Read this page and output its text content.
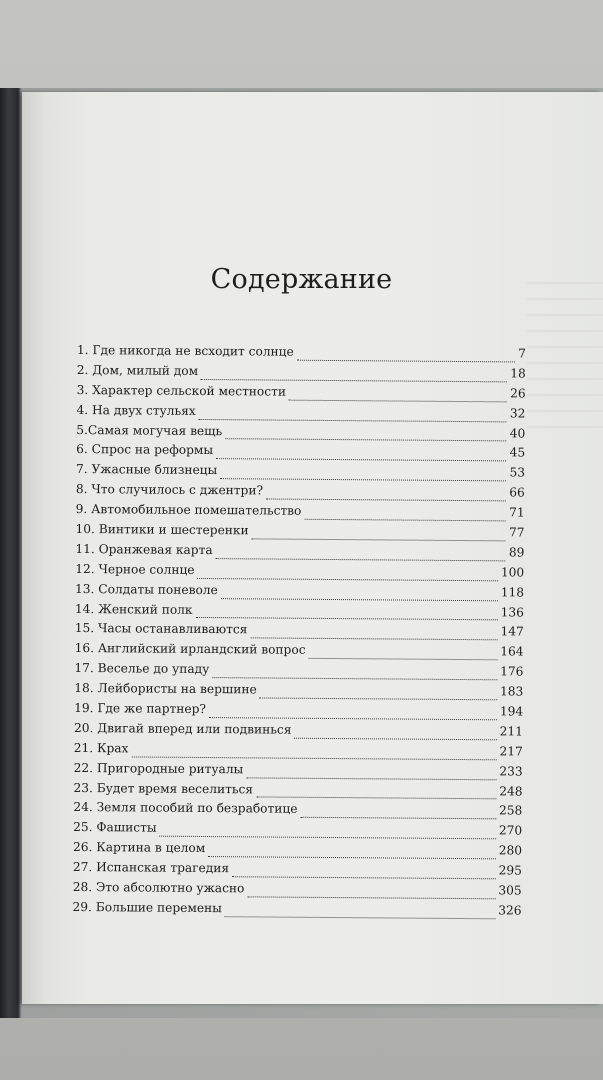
Содержание
1. Где никогда не всходит солнце	7
2. Дом, милый дом	18
3. Характер сельской местности	26
4. На двух стульях	32
5.Самая могучая вещь	40
6. Спрос на реформы	45
7. Ужасные близнецы	53
8. Что случилось с джентри?	66
9. Автомобильное помешательство	71
10. Винтики и шестеренки	77
11. Оранжевая карта	89
12. Черное солнце	100
13. Солдаты поневоле	118
14. Женский полк	136
15. Часы останавливаются	147
16. Английский ирландский вопрос	164
17. Веселье до упаду	176
18. Лейбористы на вершине	183
19. Где же партнер?	194
20. Двигай вперед или подвинься	211
21. Крах	217
22. Пригородные ритуалы	233
23. Будет время веселиться	248
24. Земля пособий по безработице	258
25. Фашисты	270
26. Картина в целом	280
27. Испанская трагедия	295
28. Это абсолютно ужасно	305
29. Большие перемены	326
